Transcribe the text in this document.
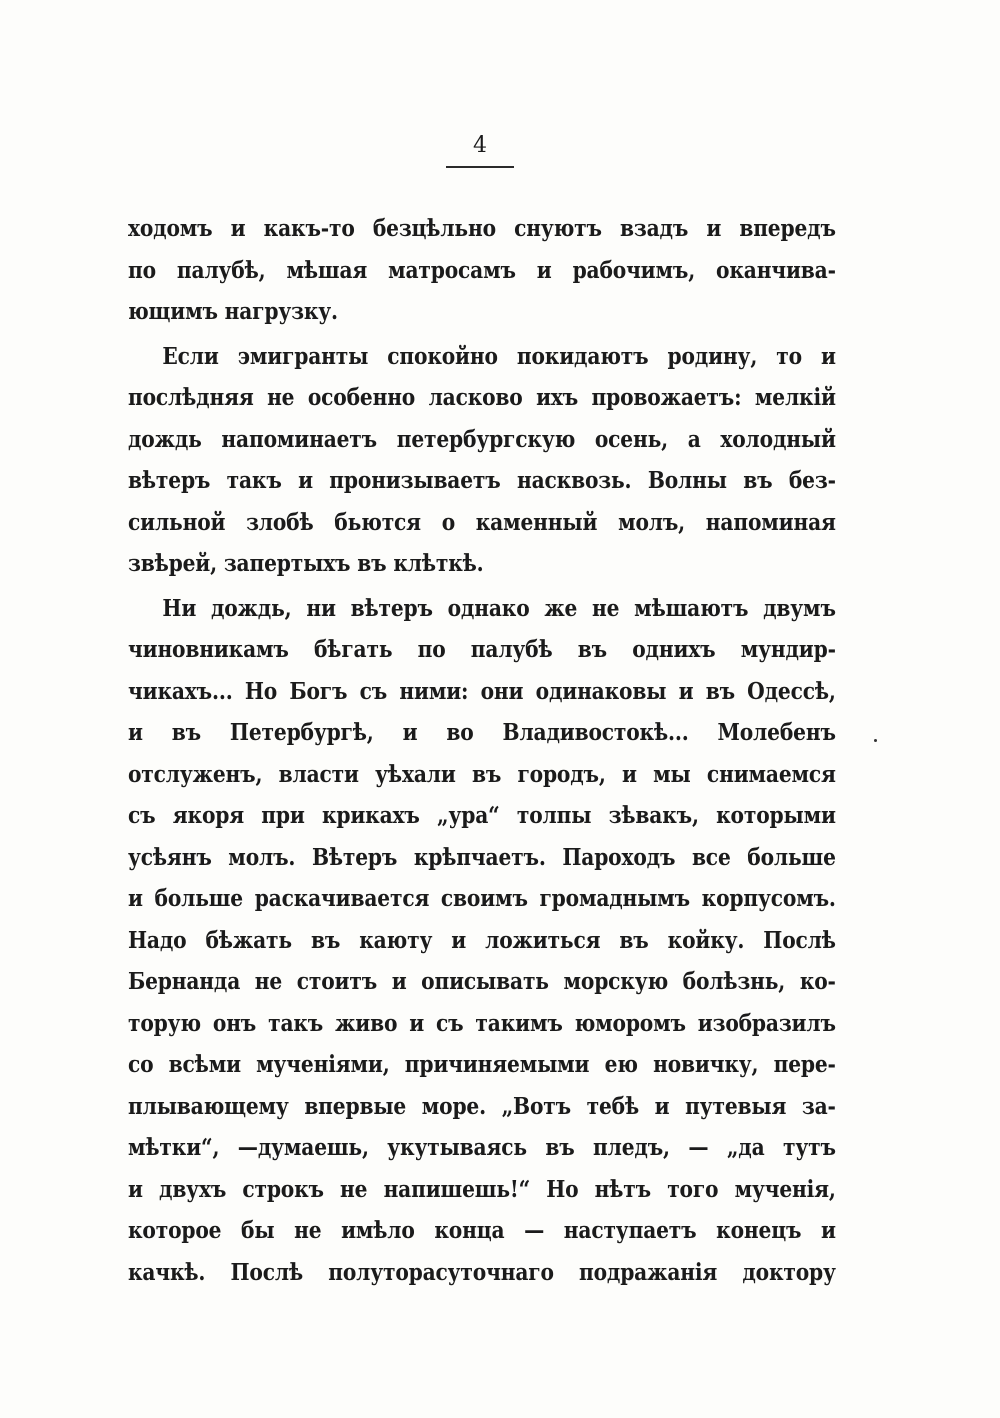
4
ходомъ и какъ-то безцѣльно снуютъ взадъ и впередъ
по палубѣ, мѣшая матросамъ и рабочимъ, оканчива-
ющимъ нагрузку.
Если эмигранты спокойно покидаютъ родину, то и
послѣдняя не особенно ласково ихъ провожаетъ: мелкій
дождь напоминаетъ петербургскую осень, а холодный
вѣтеръ такъ и пронизываетъ насквозь. Волны въ без-
сильной злобѣ бьются о каменный молъ, напоминая
звѣрей, запертыхъ въ клѣткѣ.
Ни дождь, ни вѣтеръ однако же не мѣшаютъ двумъ
чиновникамъ бѣгать по палубѣ въ однихъ мундир-
чикахъ... Но Богъ съ ними: они одинаковы и въ Одессѣ,
и въ Петербургѣ, и во Владивостокѣ... Молебенъ
отслуженъ, власти уѣхали въ городъ, и мы снимаемся
съ якоря при крикахъ „ура“ толпы зѣвакъ, которыми
усѣянъ молъ. Вѣтеръ крѣпчаетъ. Пароходъ все больше
и больше раскачивается своимъ громаднымъ корпусомъ.
Надо бѣжать въ каюту и ложиться въ койку. Послѣ
Бернанда не стоитъ и описывать морскую болѣзнь, ко-
торую онъ такъ живо и съ такимъ юморомъ изобразилъ
со всѣми мученіями, причиняемыми ею новичку, пере-
плывающему впервые море. „Вотъ тебѣ и путевыя за-
мѣтки“, —думаешь, укутываясь въ пледъ, — „да тутъ
и двухъ строкъ не напишешь!“ Но нѣтъ того мученія,
которое бы не имѣло конца — наступаетъ конецъ и
качкѣ. Послѣ полуторасуточнаго подражанія доктору
